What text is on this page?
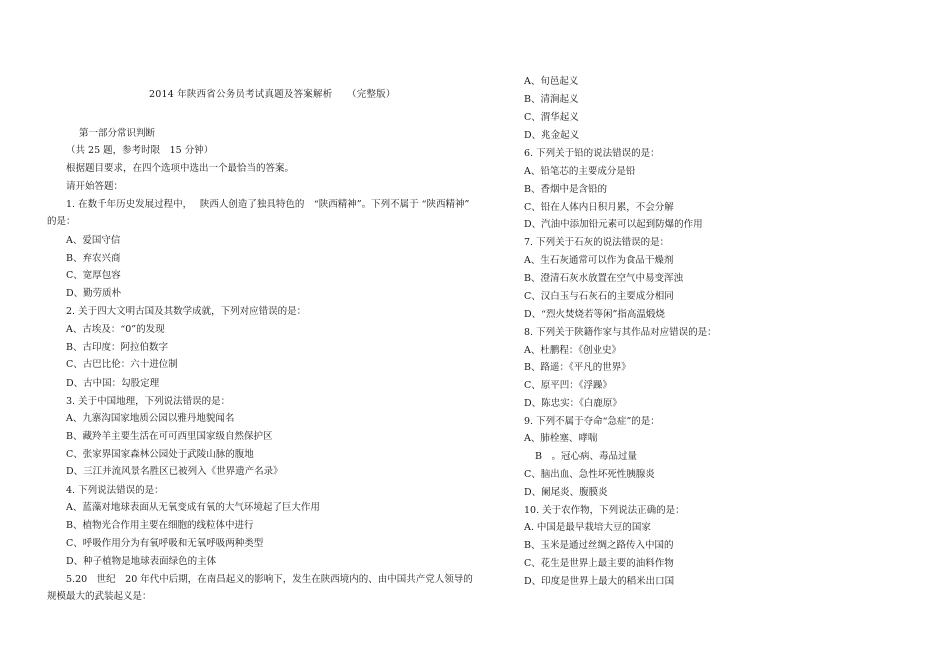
2014 年陕西省公务员考试真题及答案解析　　（完整版）
第一部分常识判断
（共 25 题，参考时限　15 分钟）
根据题目要求，在四个选项中选出一个最恰当的答案。
请开始答题：
1. 在数千年历史发展过程中，　 陕西人创造了独具特色的　“陕西精神”。下列不属于 “陕西精神”
的是：
A、爱国守信
B、弃农兴商
C、宽厚包容
D、勤劳质朴
2. 关于四大文明古国及其数学成就，下列对应错误的是：
A、古埃及：“0”的发现
B、古印度：阿拉伯数字
C、古巴比伦：六十进位制
D、古中国：勾股定理
3. 关于中国地理，下列说法错误的是：
A、九寨沟国家地质公园以雅丹地貌闻名
B、藏羚羊主要生活在可可西里国家级自然保护区
C、张家界国家森林公园处于武陵山脉的腹地
D、三江并流风景名胜区已被列入《世界遗产名录》
4. 下列说法错误的是：
A、蓝藻对地球表面从无氧变成有氧的大气环境起了巨大作用
B、植物光合作用主要在细胞的线粒体中进行
C、呼吸作用分为有氧呼吸和无氧呼吸两种类型
D、种子植物是地球表面绿色的主体
5.20　世纪　20 年代中后期，在南昌起义的影响下，发生在陕西境内的、由中国共产党人领导的
规模最大的武装起义是：
A、旬邑起义
B、清涧起义
C、渭华起义
D、兆金起义
6. 下列关于铅的说法错误的是：
A、铅笔芯的主要成分是铅
B、香烟中是含铅的
C、铅在人体内日积月累，不会分解
D、汽油中添加铅元素可以起到防爆的作用
7. 下列关于石灰的说法错误的是：
A、生石灰通常可以作为食品干燥剂
B、澄清石灰水放置在空气中易变浑浊
C、汉白玉与石灰石的主要成分相同
D、“烈火焚烧若等闲”指高温煅烧
8. 下列关于陕籍作家与其作品对应错误的是：
A、杜鹏程：《创业史》
B、路遥：《平凡的世界》
C、原平凹：《浮躁》
D、陈忠实：《白鹿原》
9. 下列不属于夺命“急症”的是：
A、肺栓塞、哮喘
B　。冠心病、毒品过量
C、脑出血、急性坏死性胰腺炎
D、阑尾炎、腹膜炎
10. 关于农作物，下列说法正确的是：
A. 中国是最早栽培大豆的国家
B、玉米是通过丝绸之路传入中国的
C、花生是世界上最主要的油料作物
D、印度是世界上最大的稻米出口国
